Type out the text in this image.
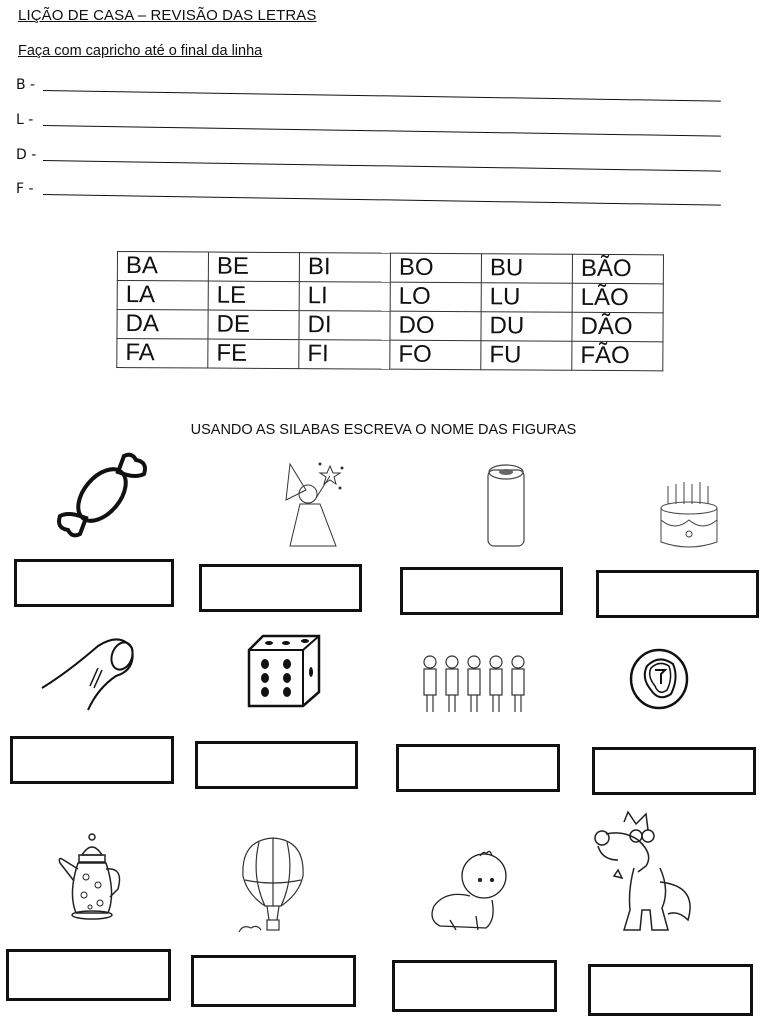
LIÇÃO DE CASA – REVISÃO DAS LETRAS
Faça com capricho até o final da linha
B -
L -
D -
F -
BA	BE	BI	BO	BU	BÃO
LA	LE	LI	LO	LU	LÃO
DA	DE	DI	DO	DU	DÃO
FA	FE	FI	FO	FU	FÃO
USANDO AS SILABAS ESCREVA O NOME DAS FIGURAS
